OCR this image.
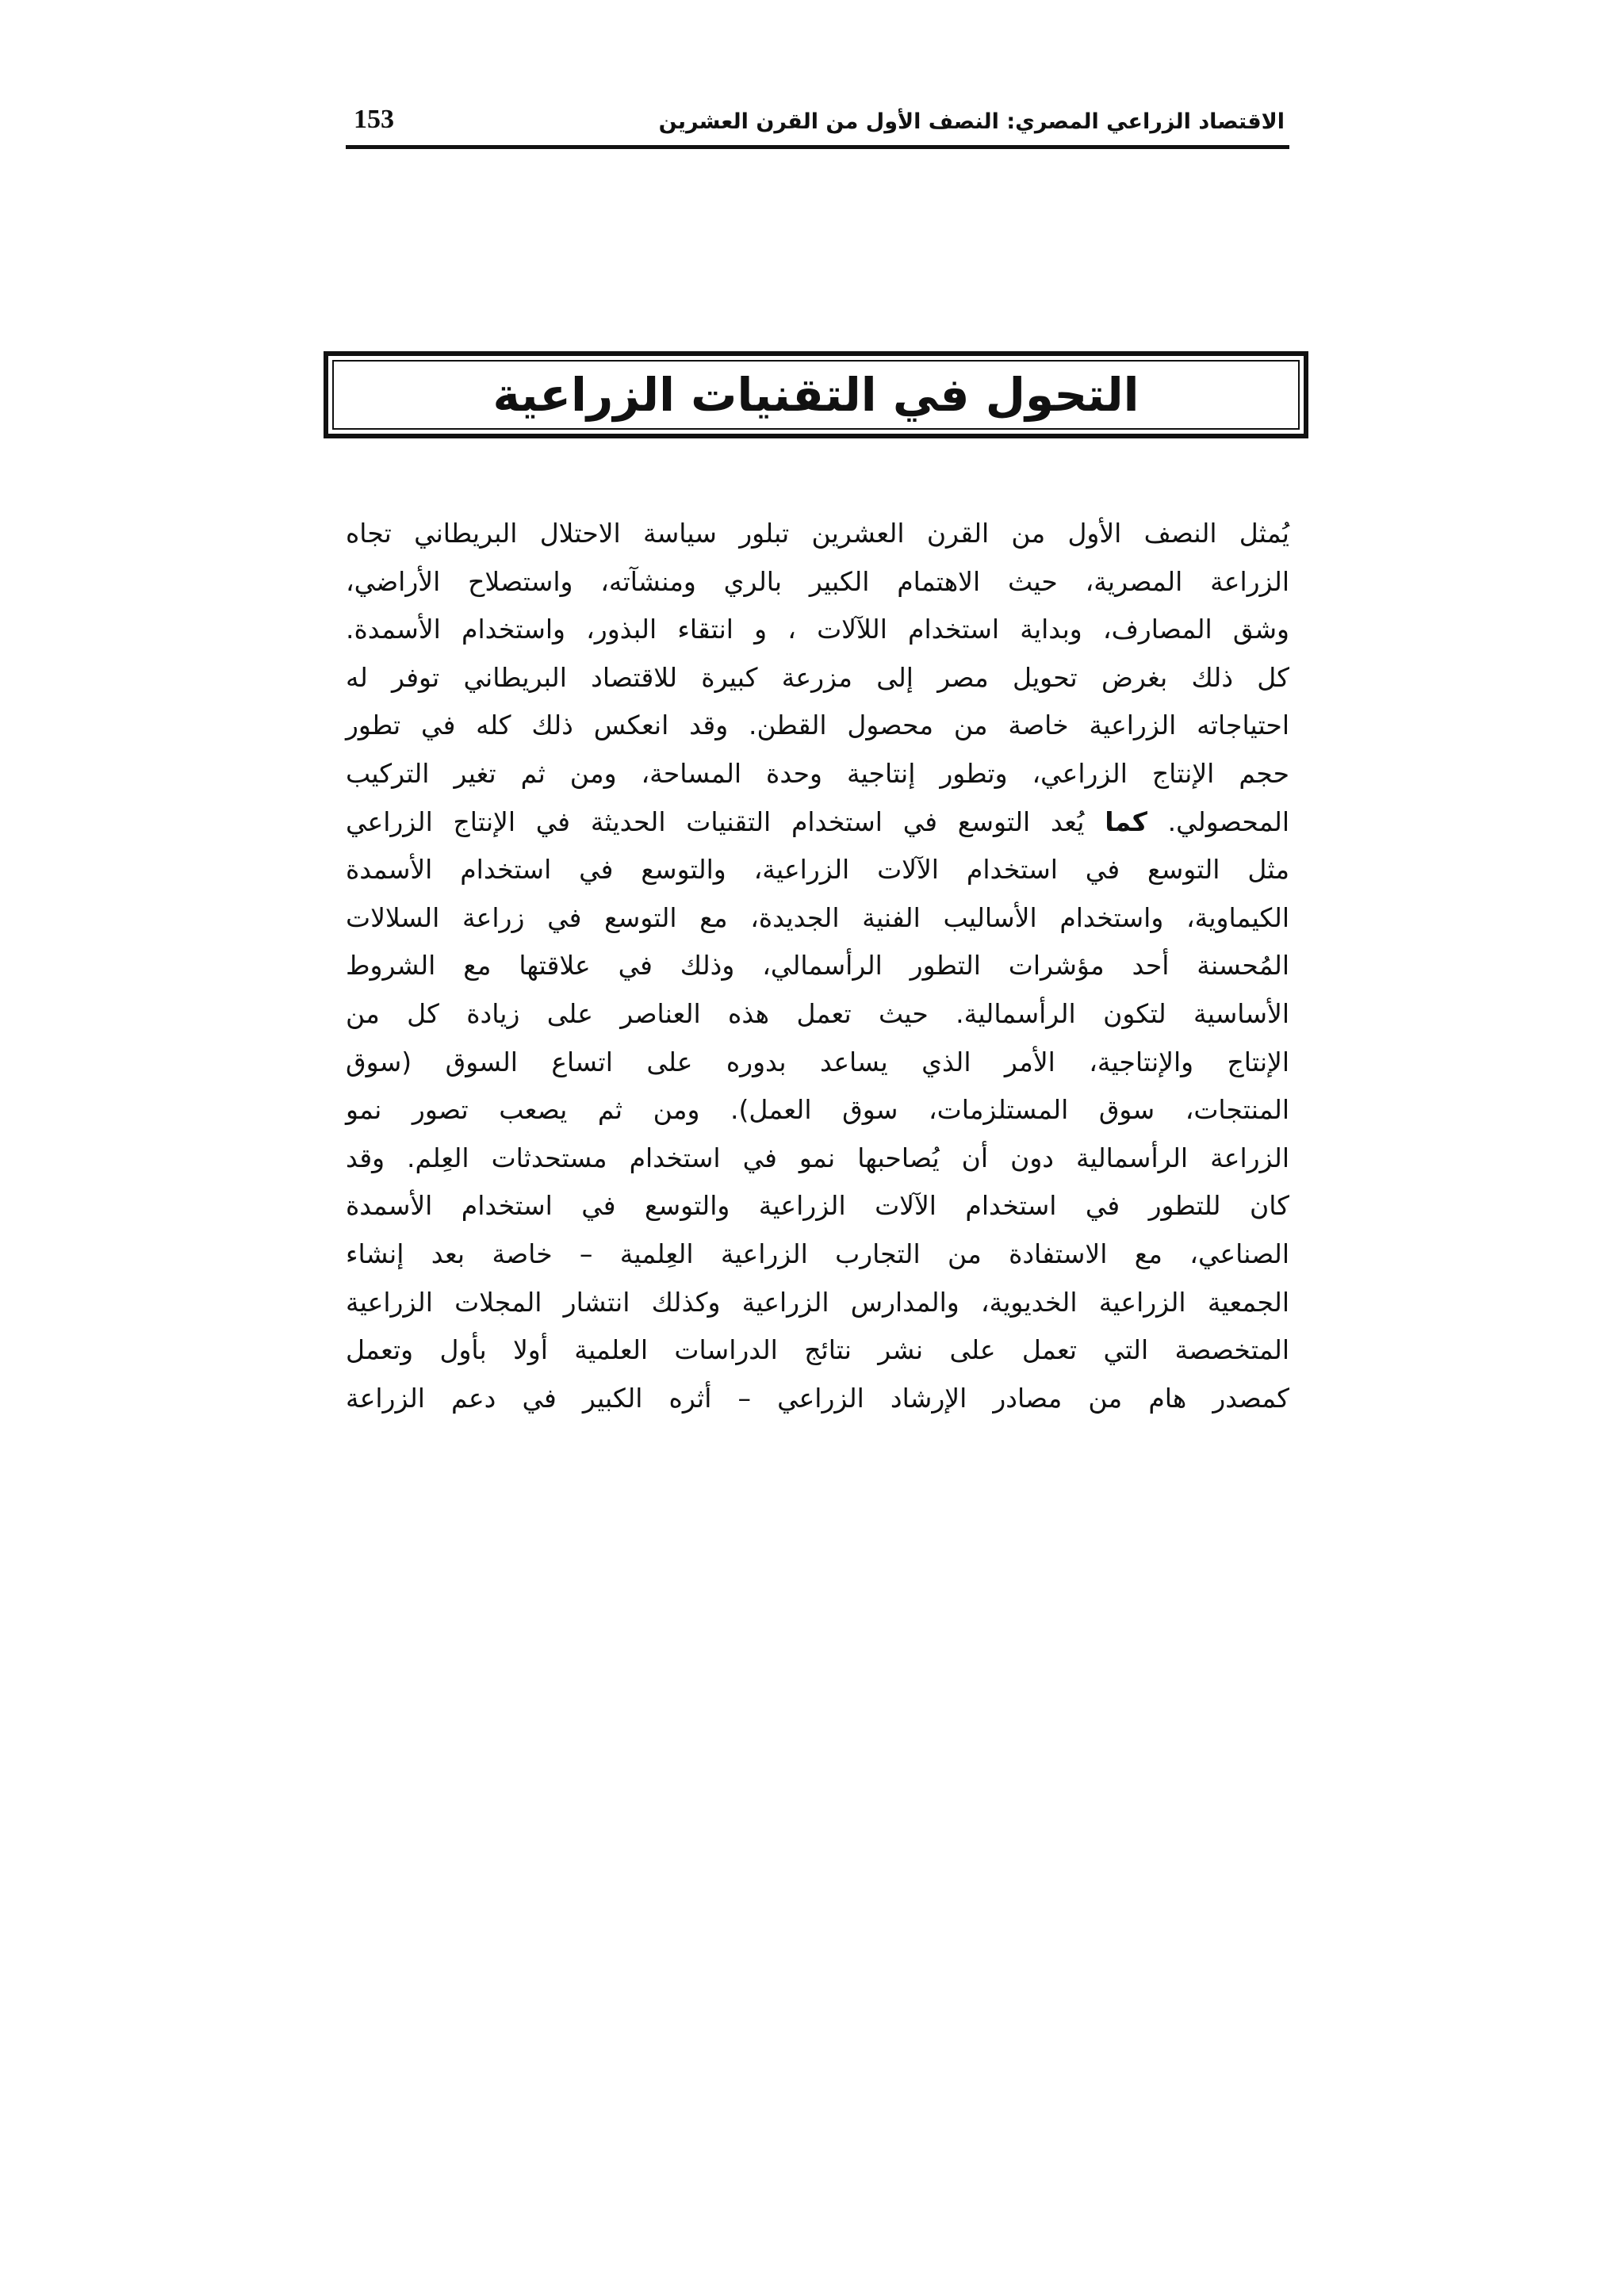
الاقتصاد الزراعي المصري: النصف الأول من القرن العشرين
153
التحول في التقنيات الزراعية
يُمثل النصف الأول من القرن العشرين تبلور سياسة الاحتلال البريطاني تجاه
الزراعة المصرية، حيث الاهتمام الكبير بالري ومنشآته، واستصلاح الأراضي،
وشق المصارف، وبداية استخدام اللآلات ، و انتقاء البذور، واستخدام الأسمدة.
كل ذلك بغرض تحويل مصر إلى مزرعة كبيرة للاقتصاد البريطاني توفر له
احتياجاته الزراعية خاصة من محصول القطن. وقد انعكس ذلك كله في تطور
حجم الإنتاج الزراعي، وتطور إنتاجية وحدة المساحة، ومن ثم تغير التركيب
المحصولي. كما يُعد التوسع في استخدام التقنيات الحديثة في الإنتاج الزراعي
مثل التوسع في استخدام الآلات الزراعية، والتوسع في استخدام الأسمدة
الكيماوية، واستخدام الأساليب الفنية الجديدة، مع التوسع في زراعة السلالات
المُحسنة أحد مؤشرات التطور الرأسمالي، وذلك في علاقتها مع الشروط
الأساسية لتكون الرأسمالية. حيث تعمل هذه العناصر على زيادة كل من
الإنتاج والإنتاجية، الأمر الذي يساعد بدوره على اتساع السوق (سوق
المنتجات، سوق المستلزمات، سوق العمل). ومن ثم يصعب تصور نمو
الزراعة الرأسمالية دون أن يُصاحبها نمو في استخدام مستحدثات العِلم. وقد
كان للتطور في استخدام الآلات الزراعية والتوسع في استخدام الأسمدة
الصناعي، مع الاستفادة من التجارب الزراعية العِلمية – خاصة بعد إنشاء
الجمعية الزراعية الخديوية، والمدارس الزراعية وكذلك انتشار المجلات الزراعية
المتخصصة التي تعمل على نشر نتائج الدراسات العلمية أولا بأول وتعمل
كمصدر هام من مصادر الإرشاد الزراعي – أثره الكبير في دعم الزراعة
